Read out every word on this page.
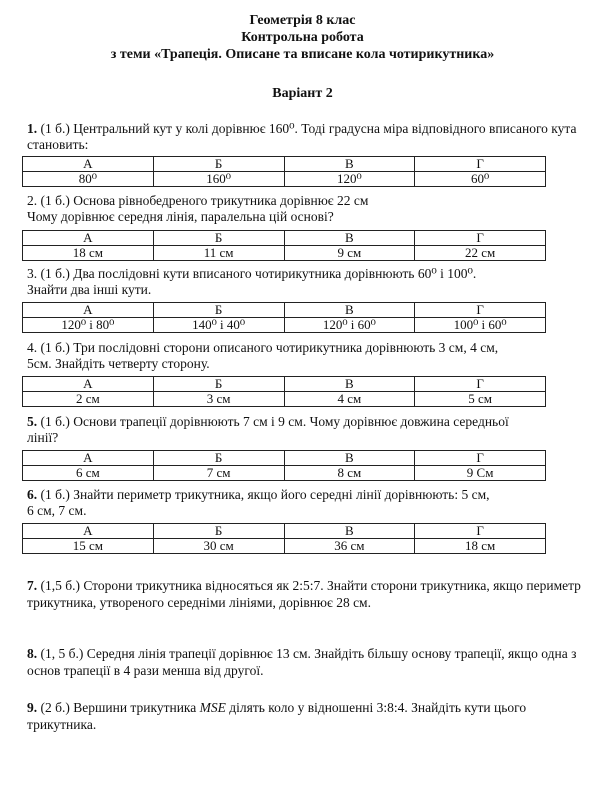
Геометрія 8 клас
Контрольна робота
з теми «Трапеція. Описане та вписане кола чотирикутника»
Варіант 2
1. (1 б.) Центральний кут у колі дорівнює 160⁰. Тоді градусна міра відповідного вписаного кута становить:
А	Б	В	Г
80⁰	160⁰	120⁰	60⁰
2. (1 б.) Основа рівнобедреного трикутника дорівнює 22 см
Чому дорівнює середня лінія, паралельна цій основі?
А	Б	В	Г
18 см	11 см	9 см	22 см
3. (1 б.) Два послідовні кути вписаного чотирикутника дорівнюють 60⁰ і 100⁰.
Знайти два інші кути.
А	Б	В	Г
120⁰ і 80⁰	140⁰ і 40⁰	120⁰ і 60⁰	100⁰ і 60⁰
4. (1 б.) Три послідовні сторони описаного чотирикутника дорівнюють 3 см, 4 см,
5см. Знайдіть четверту сторону.
А	Б	В	Г
2 см	3 см	4 см	5 см
5. (1 б.) Основи трапеції дорівнюють 7 см і 9 см. Чому дорівнює довжина середньої
лінії?
А	Б	В	Г
6 см	7 см	8 см	9 См
6. (1 б.) Знайти периметр трикутника, якщо його середні лінії дорівнюють: 5 см,
6 см, 7 см.
А	Б	В	Г
15 см	30 см	36 см	18 см
7. (1,5 б.) Сторони трикутника відносяться як 2:5:7. Знайти сторони трикутника, якщо периметр трикутника, утвореного середніми лініями, дорівнює 28 см.
8. (1, 5 б.) Середня лінія трапеції дорівнює 13 см. Знайдіть більшу основу трапеції, якщо одна з основ трапеції в 4 рази менша від другої.
9. (2 б.) Вершини трикутника MSE ділять коло у відношенні 3:8:4. Знайдіть кути цього трикутника.
